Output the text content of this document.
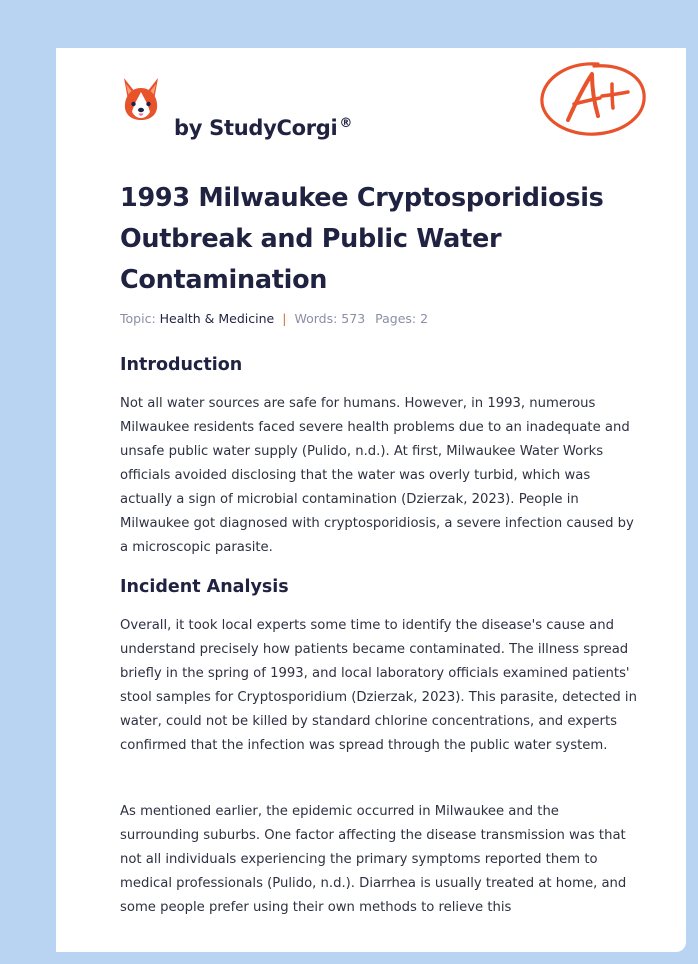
by StudyCorgi ®
1993 Milwaukee Cryptosporidiosis Outbreak and Public Water Contamination
Topic: Health & Medicine | Words: 573 Pages: 2
Introduction

Not all water sources are safe for humans. However, in 1993, numerous Milwaukee residents faced severe health problems due to an inadequate and unsafe public water supply (Pulido, n.d.). At first, Milwaukee Water Works officials avoided disclosing that the water was overly turbid, which was actually a sign of microbial contamination (Dzierzak, 2023). People in Milwaukee got diagnosed with cryptosporidiosis, a severe infection caused by a microscopic parasite.

Incident Analysis

Overall, it took local experts some time to identify the disease's cause and understand precisely how patients became contaminated. The illness spread briefly in the spring of 1993, and local laboratory officials examined patients' stool samples for Cryptosporidium (Dzierzak, 2023). This parasite, detected in water, could not be killed by standard chlorine concentrations, and experts confirmed that the infection was spread through the public water system.

As mentioned earlier, the epidemic occurred in Milwaukee and the surrounding suburbs. One factor affecting the disease transmission was that not all individuals experiencing the primary symptoms reported them to medical professionals (Pulido, n.d.). Diarrhea is usually treated at home, and some people prefer using their own methods to relieve this
